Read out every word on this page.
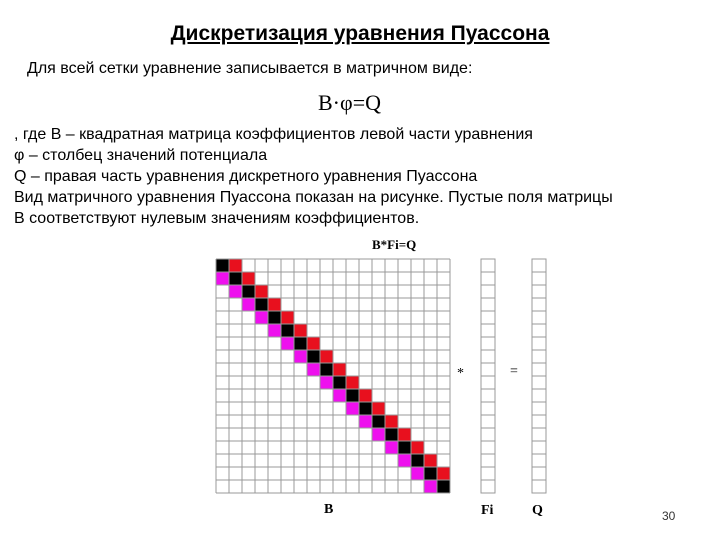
Дискретизация уравнения Пуассона
Для всей сетки уравнение записывается в матричном виде:
B·φ=Q
, где B – квадратная матрица коэффициентов левой части уравнения
φ – столбец значений потенциала
Q – правая часть уравнения дискретного уравнения Пуассона
Вид матричного уравнения Пуассона показан на рисунке. Пустые поля матрицы
B соответствуют нулевым значениям коэффициентов.
B*Fi=Q
*	=
B	Fi	Q	30
